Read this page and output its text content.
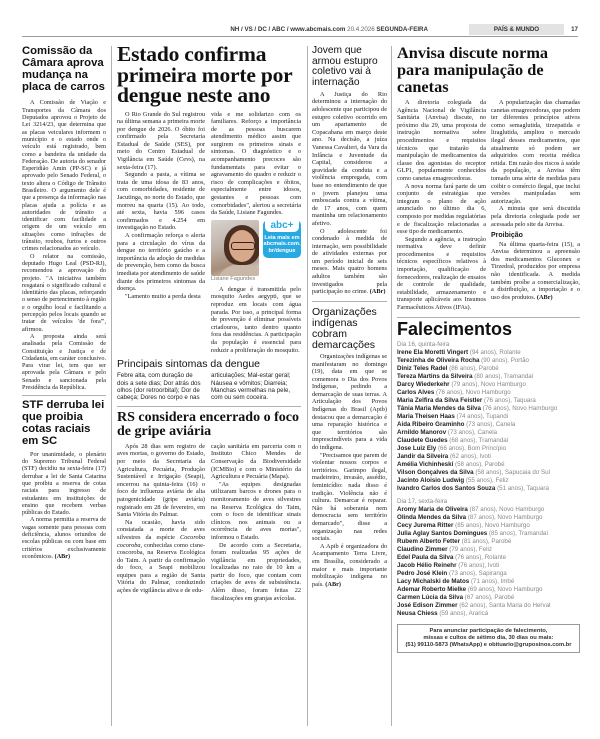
NH / VS / DC / ABC / www.abcmais.com 20.4.2026 SEGUNDA-FEIRA	PAÍS & MUNDO	17
Comissão da Câmara aprova mudança na placa de carros

A Comissão de Viação e Transportes da Câmara dos Deputados aprovou o Projeto de Lei 3214/23, que determina que as placas veiculares informem o município e o estado onde o veículo está registrado, bem como a bandeira da unidade da Federação. De autoria do senador Esperidião Amin (PP-SC) e já aprovado pelo Senado Federal, o texto altera o Código de Trânsito Brasileiro. O argumento dele é que a presença da informação nas placas ajuda a polícia e as autoridades de trânsito a identificar com facilidade a origem de um veículo em situações como infrações de trânsito, roubos, furtos e outros crimes relacionados ao veículo.

O relator na comissão, deputado Hugo Leal (PSD-RJ), recomendou a aprovação do projeto. "A iniciativa também resgatará o significado cultural e identitário das placas, reforçando o senso de pertencimento à região e o orgulho local e facilitando a percepção pelos locais quando se tratar de veículos 'de fora'", afirmou.

A proposta ainda será analisada pela Comissão de Constituição e Justiça e de Cidadania, em caráter conclusivo. Para virar lei, tem que ser aprovada pela Câmara e pelo Senado e sancionada pela Presidência da República.

STF derruba lei que proibia cotas raciais em SC

Por unanimidade, o plenário do Supremo Tribunal Federal (STF) decidiu na sexta-feira (17) derrubar a lei de Santa Catarina que proibiu a reserva de cotas raciais para ingresso de estudantes em instituições de ensino que recebem verbas públicas do Estado.

A norma permitia a reserva de vagas somente para pessoas com deficiência, alunos oriundos de escolas públicas ou com base em critérios exclusivamente econômicos. (ABr)

Estado confirma primeira morte por dengue neste ano

O Rio Grande do Sul registrou na última semana a primeira morte por dengue de 2026. O óbito foi confirmado pela Secretaria Estadual de Saúde (SES), por meio do Centro Estadual de Vigilância em Saúde (Cevs), na sexta-feira (17).

Segundo a pasta, a vítima se trata de uma idosa de 83 anos, com comorbidades, residente de Jacutinga, no norte do Estado, que morreu na quarta (15). Ao todo, até sexta, havia 596 casos confirmados e 4.254 em investigação no Estado.

A confirmação reforça o alerta para a circulação do vírus da dengue no território gaúcho e a importância da adoção de medidas de prevenção, bem como da busca imediata por atendimento de saúde diante dos primeiros sintomas da doença.

"Lamento muito a perda desta

vida e me solidarizo com os familiares. Reforço a importância de as pessoas buscarem atendimento médico assim que surgirem os primeiros sinais e sintomas. O diagnóstico e o acompanhamento precoces são fundamentais para evitar o agravamento do quadro e reduzir o risco de complicações e óbitos, especialmente entre idosos, gestantes e pessoas com comorbidades", alertou a secretária da Saúde, Lisiane Fagundes.

Lisiane Fagundes
abc+
Leia mais em abcmais.com. br/dengue

A dengue é transmitida pelo mosquito Aedes aegypti, que se reproduz em locais com água parada. Por isso, a principal forma de prevenção é eliminar possíveis criadouros, tanto dentro quanto fora das residências. A participação da população é essencial para reduzir a proliferação do mosquito.

Principais sintomas da dengue
Febre alta, com duração de dois a sete dias; Dor atrás dos olhos (dor retroorbital); Dor de cabeça; Dores no corpo e nas
articulações; Mal-estar geral; Náusea e vômitos; Diarreia; Manchas vermelhas na pele, com ou sem coceira.
RS considera encerrado o foco de gripe aviária

Após 28 dias sem registro de aves mortas, o governo do Estado, por meio da Secretaria da Agricultura, Pecuária, Produção Sustentável e Irrigação (Seapi), encerrou na quinta-feira (16) o foco de influenza aviária de alta patogenicidade (gripe aviária) registrado em 28 de fevereiro, em Santa Vitória do Palmar.

Na ocasião, havia sido constatada a morte de aves silvestres da espécie Cocoroba cocoroba, conhecidas como cisne-coscoroba, na Reserva Ecológica do Taim. A partir da confirmação do foco, a Seapi mobilizou equipes para a região de Santa Vitória do Palmar, conduzindo ações de vigilância ativa e de edu-

cação sanitária em parceria com o Instituto Chico Mendes de Conservação da Biodiversidade (ICMBio) e com o Ministério da Agricultura e Pecuária (Mapa).

"As equipes designadas utilizaram barcos e drones para o monitoramento de aves silvestres na Reserva Ecológica do Taim, com o foco de identificar sinais clínicos nos animais ou a ocorrência de aves mortas", informou o Estado.

De acordo com a Secretaria, foram realizadas 95 ações de vigilância em propriedades, localizadas no raio de 10 km a partir do foco, que contam com criações de aves de subsistência. Além disso, foram feitas 22 fiscalizações em granjas avícolas.

Jovem que armou estupro coletivo vai à internação

A Justiça do Rio determinou a internação do adolescente que participou de estupro coletivo ocorrido em um apartamento de Copacabana em março deste ano. Na decisão, a juíza Vanessa Cavalieri, da Vara da Infância e Juventude da Capital, considerou a gravidade da conduta e a violência empregada, com base no entendimento de que o jovem planejou uma emboscada contra a vítima, de 17 anos, com quem mantinha um relacionamento afetivo.

O adolescente foi condenado à medida de internação, sem possibilidade de atividades externas por um período inicial de seis meses. Mais quatro homens adultos também são investigados pela participação no crime. (ABr)

Organizações indígenas cobram demarcações

Organizações indígenas se manifestaram no domingo (19), data em que se comemora o Dia dos Povos Indígenas, pedindo a demarcação de suas terras. A Articulação dos Povos Indígenas do Brasil (Apib) destacou que a demarcação é uma reparação histórica e que territórios são imprescindíveis para a vida do indígena.

"Precisamos que parem de violentar nossos corpos e territórios. Garimpo ilegal, madeireiro, invasão, assédio, feminicídio: nada disso é tradição. Violência não é cultura. Demarcar é reparar. Não há soberania nem democracia sem território demarcado", disse a organização nas redes sociais.

A Apib é organizadora do Acampamento Terra Livre, em Brasília, considerado a maior e mais importante mobilização indígena no país. (ABr)

Anvisa discute norma para manipulação de canetas

A diretoria colegiada da Agência Nacional de Vigilância Sanitária (Anvisa) discute, no próximo dia 29, uma proposta de instrução normativa sobre procedimentos e requisitos técnicos que tratarão da manipulação de medicamentos da classe dos agonistas do receptor GLP1, popularmente conhecidos como canetas emagrecedoras.

A nova norma fará parte de um conjunto de estratégias que integram o plano de ação anunciado no último dia 6, composto por medidas regulatórias e de fiscalização relacionadas a esse tipo de medicamento.

Segundo a agência, a instrução normativa deve definir procedimentos e requisitos técnicos específicos relativos à importação, qualificação de fornecedores, realização de ensaios de controle de qualidade, estabilidade, armazenamento e transporte aplicáveis aos Insumos Farmacêuticos Ativos (IFAs).

A popularização das chamadas canetas emagrecedoras, que podem ter diferentes princípios ativos como semaglutida, tirzepatida e liraglutida, ampliou o mercado ilegal desses medicamentos, que atualmente só podem ser adquiridos com receita médica retida. Em razão dos riscos à saúde da população, a Anvisa têm tomado uma série de medidas para coibir o comércio ilegal, que inclui versões manipuladas sem autorização.

A minuta que será discutida pela diretoria colegiada pode ser acessada pelo site da Anvisa.

Proibição

Na última quarta-feira (15), a Anvisa determinou a apreensão dos medicamentos Gluconex e Tirzedral, produzidos por empresa não identificada. A medida também proíbe a comercialização, a distribuição, a importação e o uso dos produtos. (ABr)

Falecimentos
Dia 16, quinta-feira
Irene Ela Moretti Vingert (94 anos), Rolante
Terezinha de Oliveira Rocha (90 anos), Portão
Diniz Teles Radel (86 anos), Parobé
Tereza Martins da Silveira (80 anos), Tramandaí
Darcy Wiederkehr (79 anos), Novo Hamburgo
Carlos Alves (76 anos), Novo Hamburgo
Maria Zelfira da Silva Feistler (76 anos), Taquara
Tânia Maria Mendes da Silva (76 anos), Novo Hamburgo
Maria Theisen Haas (74 anos), Tupandi
Aida Ribeiro Graminho (73 anos), Canela
Arnildo Manorov (73 anos), Canela
Claudete Guedes (68 anos), Tramandaí
Jose Luiz Ely (66 anos), Bom Princípio
Jandir da Silveira (62 anos), Ivoti
Amélia Vichinheski (58 anos), Parobé
Vilson Gonçalves da Silva (58 anos), Sapucaia do Sul
Jacinto Aloisio Ludwig (55 anos), Feliz
Ivandro Carlos dos Santos Souza (51 anos), Taquara
Dia 17, sexta-feira
Aromy Maria de Oliveira (87 anos), Novo Hamburgo
Olinda Mendes da Silva (87 anos), Novo Hamburgo
Cecy Jurema Ritter (85 anos), Novo Hamburgo
Julia Aglay Santos Domingues (85 anos), Tramandaí
Rubem Alberto Fetter (81 anos), Parobé
Claudino Zimmer (79 anos), Feliz
Edel Paula da Silva (76 anos), Rolante
Jacob Hélio Reinehr (76 anos), Ivoti
Pedro José Klein (73 anos), Sapiranga
Lacy Michalski de Matos (71 anos), Imbé
Ademar Roberto Mielke (69 anos), Novo Hamburgo
Carmen Lúcia da Silva (67 anos), Parobé
José Edison Zimmer (62 anos), Santa Maria do Herval
Neusa Chiess (59 anos), Araricá
Para anunciar participação de falecimento,
missas e cultos de sétimo dia, 30 dias ou mais:
(51) 99110-5873 (WhatsApp) e obituario@gruposinos.com.br
